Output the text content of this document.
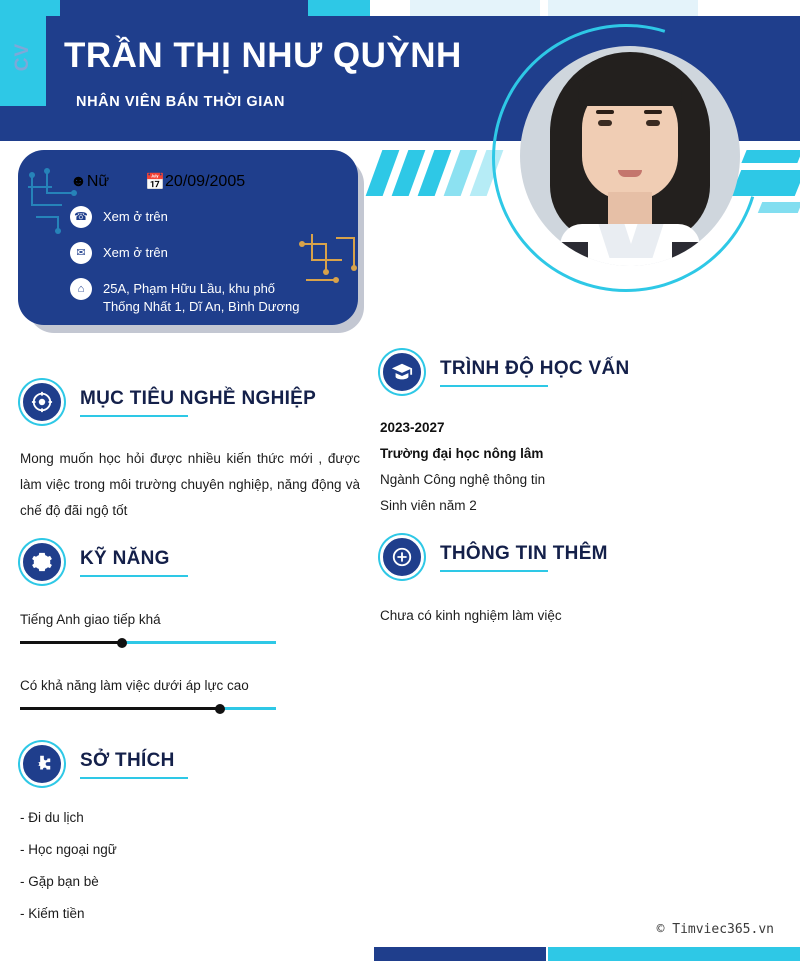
CV TRẦN THỊ NHƯ QUỲNH
NHÂN VIÊN BÁN THỜI GIAN
☻ Nữ 📅 20/09/2005
☎	Xem ở trên
✉	Xem ở trên
⌂	25A, Phạm Hữu Lầu, khu phố
Thống Nhất 1, Dĩ An, Bình Dương
MỤC TIÊU NGHỀ NGHIỆP
Mong muốn học hỏi được nhiều kiến thức mới , được làm việc trong môi trường chuyên nghiệp, năng động và chế độ đãi ngộ tốt
KỸ NĂNG
Tiếng Anh giao tiếp khá
Có khả năng làm việc dưới áp lực cao
SỞ THÍCH
- Đi du lịch
- Học ngoại ngữ
- Gặp bạn bè
- Kiếm tiền
TRÌNH ĐỘ HỌC VẤN
2023-2027
Trường đại học nông lâm
Ngành Công nghệ thông tin
Sinh viên năm 2
THÔNG TIN THÊM
Chưa có kinh nghiệm làm việc
© Timviec365.vn
